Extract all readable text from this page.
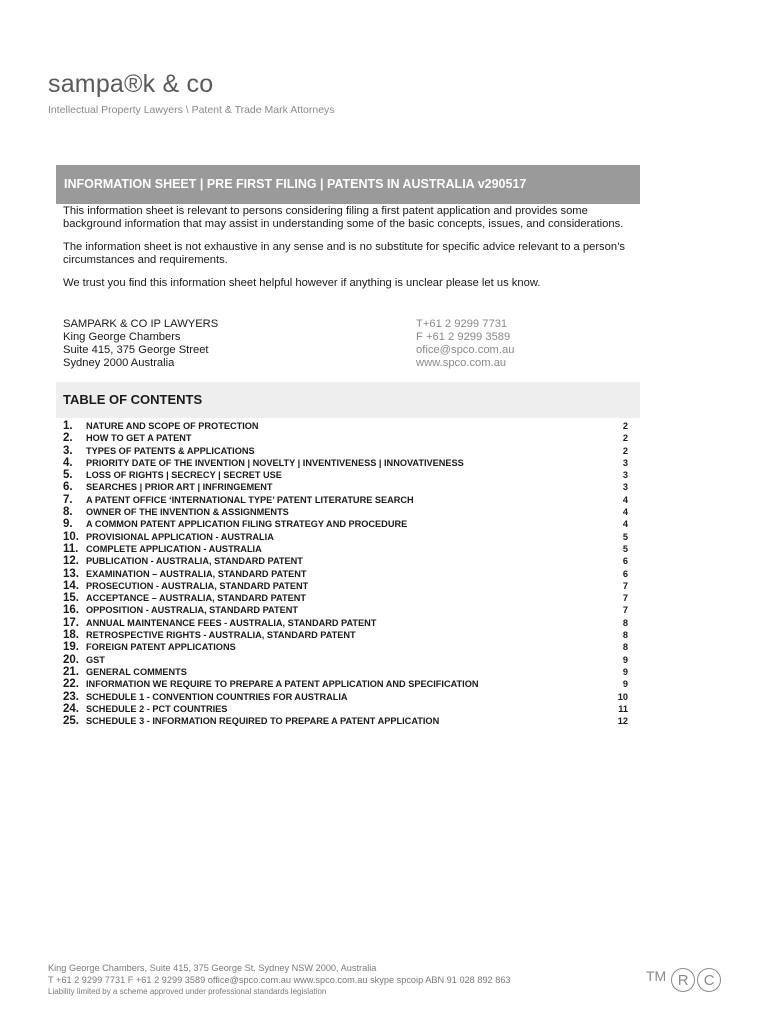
sampa®k & co
Intellectual Property Lawyers \ Patent & Trade Mark Attorneys
INFORMATION SHEET | PRE FIRST FILING | PATENTS IN AUSTRALIA v290517

This information sheet is relevant to persons considering filing a first patent application and provides some background information that may assist in understanding some of the basic concepts, issues, and considerations.

The information sheet is not exhaustive in any sense and is no substitute for specific advice relevant to a person’s circumstances and requirements.

We trust you find this information sheet helpful however if anything is unclear please let us know.

SAMPARK & CO IP LAWYERS
King George Chambers
Suite 415, 375 George Street
Sydney 2000 Australia
T+61 2 9299 7731
F +61 2 9299 3589
ofice@spco.com.au
www.spco.com.au
TABLE OF CONTENTS
1. NATURE AND SCOPE OF PROTECTION	2
2. HOW TO GET A PATENT	2
3. TYPES OF PATENTS & APPLICATIONS	2
4. PRIORITY DATE OF THE INVENTION | NOVELTY | INVENTIVENESS | INNOVATIVENESS	3
5. LOSS OF RIGHTS | SECRECY | SECRET USE	3
6. SEARCHES | PRIOR ART | INFRINGEMENT	3
7. A PATENT OFFICE ‘INTERNATIONAL TYPE’ PATENT LITERATURE SEARCH	4
8. OWNER OF THE INVENTION & ASSIGNMENTS	4
9. A COMMON PATENT APPLICATION FILING STRATEGY AND PROCEDURE	4
10. PROVISIONAL APPLICATION - AUSTRALIA	5
11. COMPLETE APPLICATION - AUSTRALIA	5
12. PUBLICATION - AUSTRALIA, STANDARD PATENT	6
13. EXAMINATION – AUSTRALIA, STANDARD PATENT	6
14. PROSECUTION - AUSTRALIA, STANDARD PATENT	7
15. ACCEPTANCE – AUSTRALIA, STANDARD PATENT	7
16. OPPOSITION - AUSTRALIA, STANDARD PATENT	7
17. ANNUAL MAINTENANCE FEES - AUSTRALIA, STANDARD PATENT	8
18. RETROSPECTIVE RIGHTS - AUSTRALIA, STANDARD PATENT	8
19. FOREIGN PATENT APPLICATIONS	8
20. GST	9
21. GENERAL COMMENTS	9
22. INFORMATION WE REQUIRE TO PREPARE A PATENT APPLICATION AND SPECIFICATION	9
23. SCHEDULE 1 - CONVENTION COUNTRIES FOR AUSTRALIA	10
24. SCHEDULE 2 - PCT COUNTRIES	11
25. SCHEDULE 3 - INFORMATION REQUIRED TO PREPARE A PATENT APPLICATION	12
King George Chambers, Suite 415, 375 George St. Sydney NSW 2000, Australia
T +61 2 9299 7731 F +61 2 9299 3589 office@spco.com.au www.spco.com.au skype spcoip ABN 91 028 892 863
Liability limited by a scheme approved under professional standards legislation
TM R	C
